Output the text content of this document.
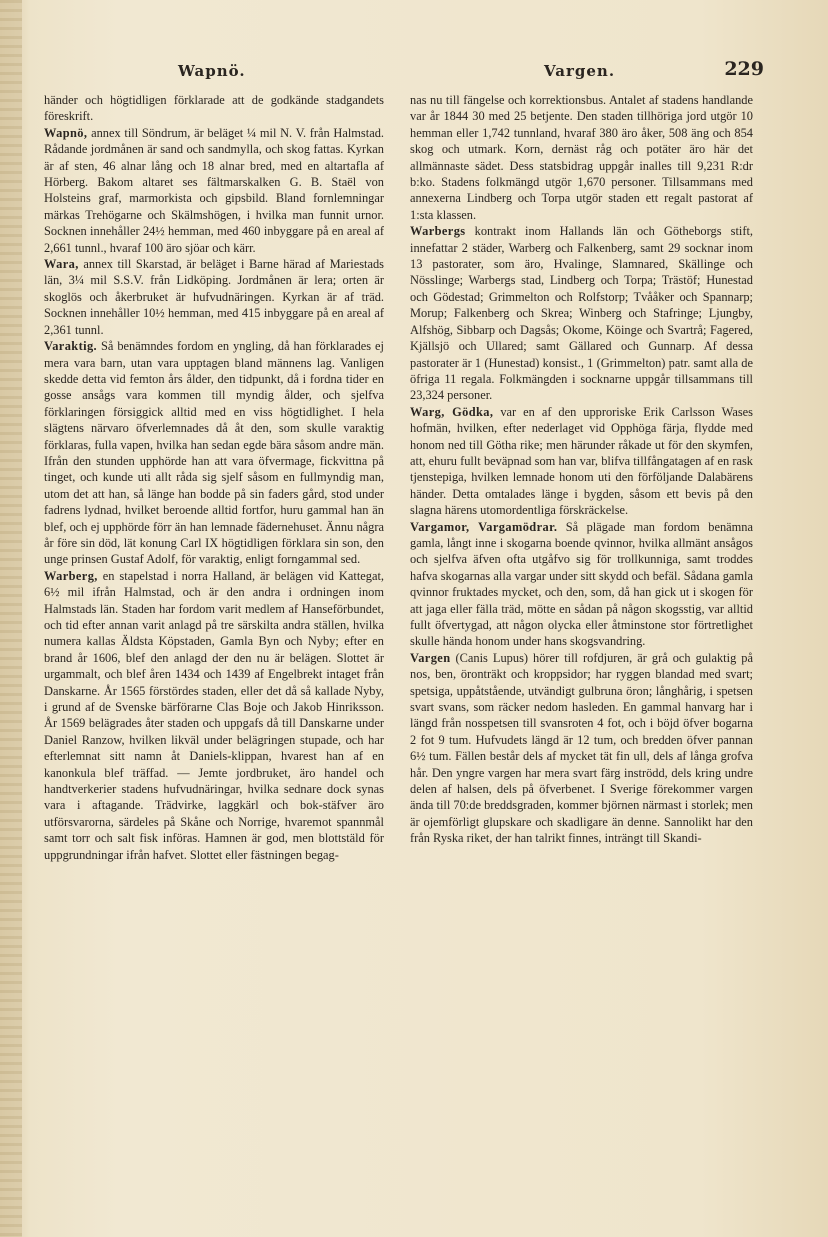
Wapnö.	Vargen.	229

händer och högtidligen förklarade att de godkände stadgandets föreskrift.

Wapnö, annex till Söndrum, är beläget ¼ mil N. V. från Halmstad. Rådande jordmånen är sand och sandmylla, och skog fattas. Kyrkan är af sten, 46 alnar lång och 18 alnar bred, med en altartafla af Hörberg. Bakom altaret ses fältmarskalken G. B. Staël von Holsteins graf, marmorkista och gipsbild. Bland fornlemningar märkas Trehögarne och Skälmshögen, i hvilka man funnit urnor. Socknen innehåller 24½ hemman, med 460 inbyggare på en areal af 2,661 tunnl., hvaraf 100 äro sjöar och kärr.

Wara, annex till Skarstad, är beläget i Barne härad af Mariestads län, 3¼ mil S.S.V. från Lidköping. Jordmånen är lera; orten är skoglös och åkerbruket är hufvudnäringen. Kyrkan är af träd. Socknen innehåller 10½ hemman, med 415 inbyggare på en areal af 2,361 tunnl.

Varaktig. Så benämndes fordom en yngling, då han förklarades ej mera vara barn, utan vara upptagen bland männens lag. Vanligen skedde detta vid femton års ålder, den tidpunkt, då i fordna tider en gosse ansågs vara kommen till myndig ålder, och sjelfva förklaringen försiggick alltid med en viss högtidlighet. I hela slägtens närvaro öfverlemnades då åt den, som skulle varaktig förklaras, fulla vapen, hvilka han sedan egde bära såsom andre män. Ifrån den stunden upphörde han att vara öfvermage, fickvittna på tinget, och kunde uti allt råda sig sjelf såsom en fullmyndig man, utom det att han, så länge han bodde på sin faders gård, stod under fadrens lydnad, hvilket beroende alltid fortfor, huru gammal han än blef, och ej upphörde förr än han lemnade fädernehuset. Ännu några år före sin död, lät konung Carl IX högtidligen förklara sin son, den unge prinsen Gustaf Adolf, för varaktig, enligt forngammal sed.

Warberg, en stapelstad i norra Halland, är belägen vid Kattegat, 6½ mil ifrån Halmstad, och är den andra i ordningen inom Halmstads län. Staden har fordom varit medlem af Hanseförbundet, och tid efter annan varit anlagd på tre särskilta andra ställen, hvilka numera kallas Äldsta Köpstaden, Gamla Byn och Nyby; efter en brand år 1606, blef den anlagd der den nu är belägen. Slottet är urgammalt, och blef åren 1434 och 1439 af Engelbrekt intaget från Danskarne. År 1565 förstördes staden, eller det då så kallade Nyby, i grund af de Svenske bärförarne Clas Boje och Jakob Hinriksson. År 1569 belägrades åter staden och uppgafs då till Danskarne under Daniel Ranzow, hvilken likväl under belägringen stupade, och har efterlemnat sitt namn åt Daniels-klippan, hvarest han af en kanonkula blef träffad. — Jemte jordbruket, äro handel och handtverkerier stadens hufvudnäringar, hvilka sednare dock synas vara i aftagande. Trädvirke, laggkärl och bok-stäfver äro utförsvarorna, särdeles på Skåne och Norrige, hvaremot spannmål samt torr och salt fisk införas. Hamnen är god, men blottstäld för uppgrundningar ifrån hafvet. Slottet eller fästningen begag-

nas nu till fängelse och korrektionsbus. Antalet af stadens handlande var år 1844 30 med 25 betjente. Den staden tillhöriga jord utgör 10 hemman eller 1,742 tunnland, hvaraf 380 äro åker, 508 äng och 854 skog och utmark. Korn, dernäst råg och potäter äro här det allmännaste sädet. Dess statsbidrag uppgår inalles till 9,231 R:dr b:ko. Stadens folkmängd utgör 1,670 personer. Tillsammans med annexerna Lindberg och Torpa utgör staden ett regalt pastorat af 1:sta klassen.

Warbergs kontrakt inom Hallands län och Götheborgs stift, innefattar 2 städer, Warberg och Falkenberg, samt 29 socknar inom 13 pastorater, som äro, Hvalinge, Slamnared, Skällinge och Nösslinge; Warbergs stad, Lindberg och Torpa; Trästöf; Hunestad och Gödestad; Grimmelton och Rolfstorp; Tvååker och Spannarp; Morup; Falkenberg och Skrea; Winberg och Stafringe; Ljungby, Alfshög, Sibbarp och Dagsås; Okome, Köinge och Svartrå; Fagered, Kjällsjö och Ullared; samt Gällared och Gunnarp. Af dessa pastorater är 1 (Hunestad) konsist., 1 (Grimmelton) patr. samt alla de öfriga 11 regala. Folkmängden i socknarne uppgår tillsammans till 23,324 personer.

Warg, Gödka, var en af den upproriske Erik Carlsson Wases hofmän, hvilken, efter nederlaget vid Opphöga färja, flydde med honom ned till Götha rike; men härunder råkade ut för den skymfen, att, ehuru fullt beväpnad som han var, blifva tillfångatagen af en rask tjenstepiga, hvilken lemnade honom uti den förföljande Dalabärens händer. Detta omtalades länge i bygden, såsom ett bevis på den slagna härens utomordentliga förskräckelse.

Vargamor, Vargamödrar. Så plägade man fordom benämna gamla, långt inne i skogarna boende qvinnor, hvilka allmänt ansågos och sjelfva äfven ofta utgåfvo sig för trollkunniga, samt troddes hafva skogarnas alla vargar under sitt skydd och befäl. Sådana gamla qvinnor fruktades mycket, och den, som, då han gick ut i skogen för att jaga eller fälla träd, mötte en sådan på någon skogsstig, var alltid fullt öfvertygad, att någon olycka eller åtminstone stor förtretlighet skulle hända honom under hans skogsvandring.

Vargen (Canis Lupus) hörer till rofdjuren, är grå och gulaktig på nos, ben, öronträkt och kroppsidor; har ryggen blandad med svart; spetsiga, uppåtstående, utvändigt gulbruna öron; långhårig, i spetsen svart svans, som räcker nedom hasleden. En gammal hanvarg har i längd från nosspetsen till svansroten 4 fot, och i böjd öfver bogarna 2 fot 9 tum. Hufvudets längd är 12 tum, och bredden öfver pannan 6½ tum. Fällen består dels af mycket tät fin ull, dels af långa grofva hår. Den yngre vargen har mera svart färg inströdd, dels kring undre delen af halsen, dels på öfverbenet. I Sverige förekommer vargen ända till 70:de breddsgraden, kommer björnen närmast i storlek; men är ojemförligt glupskare och skadligare än denne. Sannolikt har den från Ryska riket, der han talrikt finnes, inträngt till Skandi-
